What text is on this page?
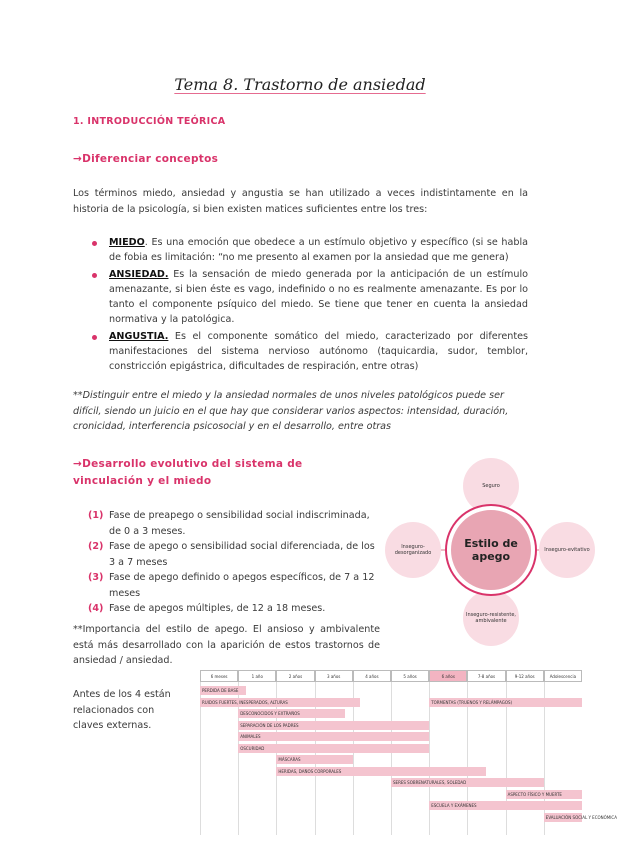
Tema 8. Trastorno de ansiedad
1. INTRODUCCIÓN TEÓRICA
→Diferenciar conceptos
Los términos miedo, ansiedad y angustia se han utilizado a veces indistintamente en la historia de la psicología, si bien existen matices suficientes entre los tres:
MIEDO. Es una emoción que obedece a un estímulo objetivo y específico (si se habla de fobia es limitación: “no me presento al examen por la ansiedad que me genera)
ANSIEDAD. Es la sensación de miedo generada por la anticipación de un estímulo amenazante, si bien éste es vago, indefinido o no es realmente amenazante. Es por lo tanto el componente psíquico del miedo. Se tiene que tener en cuenta la ansiedad normativa y la patológica.
ANGUSTIA. Es el componente somático del miedo, caracterizado por diferentes manifestaciones del sistema nervioso autónomo (taquicardia, sudor, temblor, constricción epigástrica, dificultades de respiración, entre otras)
**Distinguir entre el miedo y la ansiedad normales de unos niveles patológicos puede ser difícil, siendo un juicio en el que hay que considerar varios aspectos: intensidad, duración, cronicidad, interferencia psicosocial y en el desarrollo, entre otras
→Desarrollo evolutivo del sistema de vinculación y el miedo
(1) Fase de preapego o sensibilidad social indiscriminada, de 0 a 3 meses.
(2) Fase de apego o sensibilidad social diferenciada, de los 3 a 7 meses
(3) Fase de apego definido o apegos específicos, de 7 a 12 meses
(4) Fase de apegos múltiples, de 12 a 18 meses.
**Importancia del estilo de apego. El ansioso y ambivalente está más desarrollado con la aparición de estos trastornos de ansiedad / ansiedad.
Antes de los 4 están relacionados con claves externas.
Seguro
Inseguro-desorganizado	Inseguro-evitativo
Inseguro-resistente, ambivalente
Estilo de apego
6 meses	1 año	2 años	3 años	4 años	5 años	6 años	7-8 años	9-12 años	Adolescencia
PERDIDA DE BASE
RUIDOS FUERTES, INESPERADOS, ALTURAS	TORMENTAS (TRUENOS Y RELÁMPAGOS)
DESCONOCIDOS Y EXTRAÑOS
SEPARACIÓN DE LOS PADRES
ANIMALES
OSCURIDAD
MÁSCARAS
HERIDAS, DAÑOS CORPORALES
SERES SOBRENATURALES, SOLEDAD
ASPECTO FÍSICO Y MUERTE
ESCUELA Y EXÁMENES
EVALUACIÓN SOCIAL Y ECONÓMICA
